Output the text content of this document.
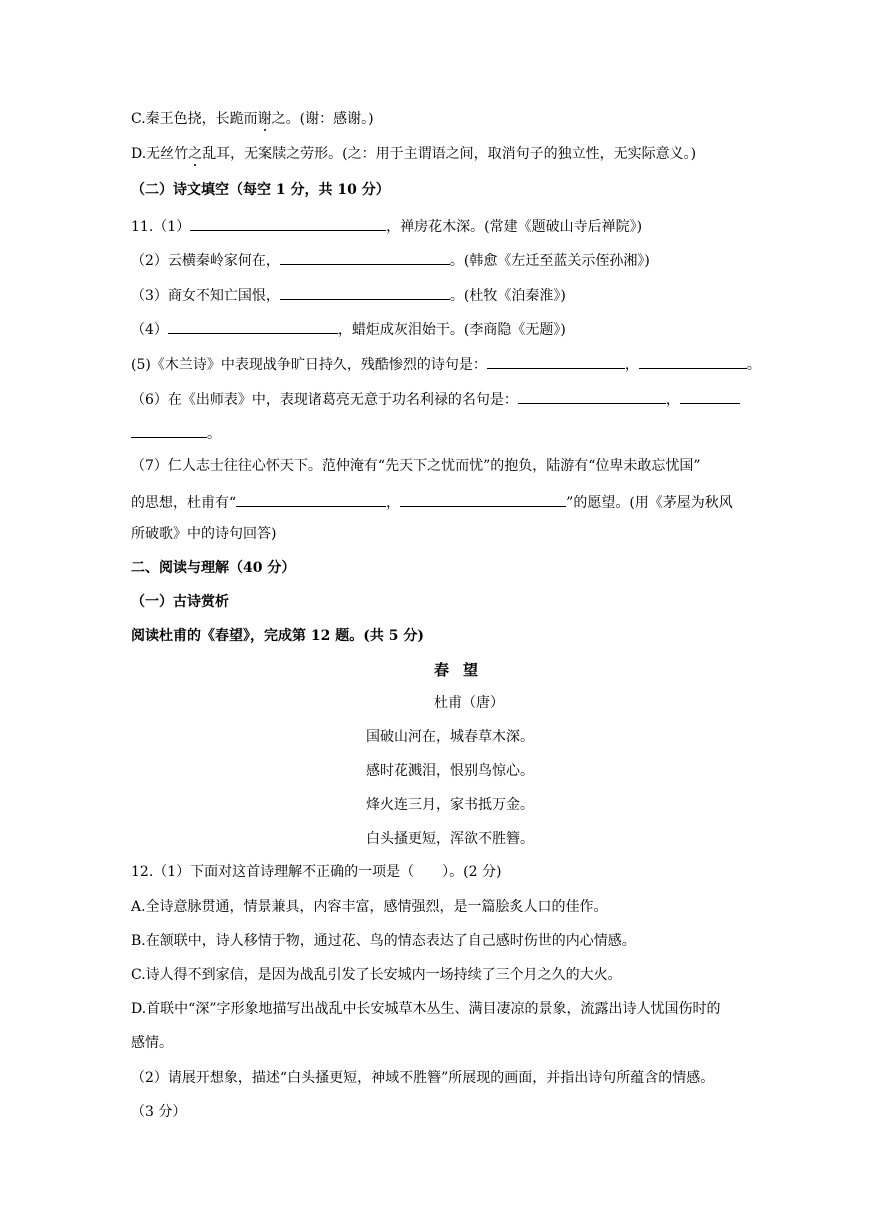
C.秦王色挠，长跪而谢之。(谢：感谢。)
D.无丝竹之乱耳，无案牍之劳形。(之：用于主谓语之间，取消句子的独立性，无实际意义。)
（二）诗文填空（每空 1 分，共 10 分）
11.（1）	，禅房花木深。(常建《题破山寺后禅院》)
（2）云横秦岭家何在，	。(韩愈《左迁至蓝关示侄孙湘》)
（3）商女不知亡国恨，	。(杜牧《泊秦淮》)
（4）	，蜡炬成灰泪始干。(李商隐《无题》)
(5)《木兰诗》中表现战争旷日持久，残酷惨烈的诗句是：	，	。
（6）在《出师表》中，表现诸葛亮无意于功名利禄的名句是：	，
。
（7）仁人志士往往心怀天下。范仲淹有“先天下之忧而忧”的抱负，陆游有“位卑未敢忘忧国”
的思想，杜甫有“	，	”的愿望。(用《茅屋为秋风
所破歌》中的诗句回答)
二、阅读与理解（40 分）
（一）古诗赏析
阅读杜甫的《春望》，完成第 12 题。(共 5 分)
春望
杜甫（唐）
国破山河在，城春草木深。
感时花溅泪，恨别鸟惊心。
烽火连三月，家书抵万金。
白头搔更短，浑欲不胜簪。
12.（1）下面对这首诗理解不正确的一项是（　　）。(2 分)
A.全诗意脉贯通，情景兼具，内容丰富，感情强烈，是一篇脍炙人口的佳作。
B.在颔联中，诗人移情于物，通过花、鸟的情态表达了自己感时伤世的内心情感。
C.诗人得不到家信，是因为战乱引发了长安城内一场持续了三个月之久的大火。
D.首联中“深”字形象地描写出战乱中长安城草木丛生、满目凄凉的景象，流露出诗人忧国伤时的
感情。
（2）请展开想象，描述“白头搔更短，神域不胜簪”所展现的画面，并指出诗句所蕴含的情感。
（3 分）
